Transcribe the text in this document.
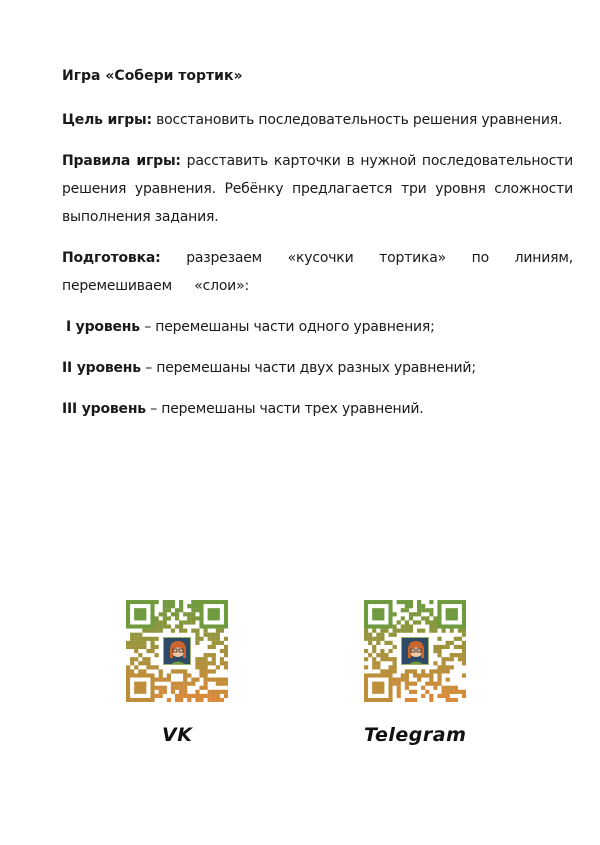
Игра «Собери тортик»

Цель игры: восстановить последовательность решения уравнения.

Правила игры: расставить карточки в нужной последовательности решения уравнения. Ребёнку предлагается три уровня сложности выполнения задания.

Подготовка: разрезаем «кусочки тортика» по линиям, перемешиваем «слои»:

I уровень – перемешаны части одного уравнения;

II уровень – перемешаны части двух разных уравнений;

III уровень – перемешаны части трех уравнений.

VK	Telegram
